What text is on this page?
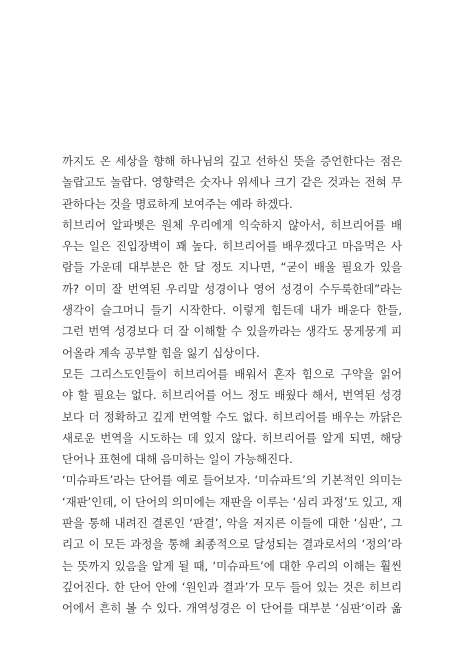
까지도 온 세상을 향해 하나님의 깊고 선하신 뜻을 증언한다는 점은
놀랍고도 놀랍다. 영향력은 숫자나 위세나 크기 같은 것과는 전혀 무
관하다는 것을 명료하게 보여주는 예라 하겠다.
히브리어 알파벳은 원체 우리에게 익숙하지 않아서, 히브리어를 배
우는 일은 진입장벽이 꽤 높다. 히브리어를 배우겠다고 마음먹은 사
람들 가운데 대부분은 한 달 정도 지나면, “굳이 배울 필요가 있을
까? 이미 잘 번역된 우리말 성경이나 영어 성경이 수두룩한데”라는
생각이 슬그머니 들기 시작한다. 이렇게 힘든데 내가 배운다 한들,
그런 번역 성경보다 더 잘 이해할 수 있을까라는 생각도 뭉게뭉게 피
어올라 계속 공부할 힘을 잃기 십상이다.
모든 그리스도인들이 히브리어를 배워서 혼자 힘으로 구약을 읽어
야 할 필요는 없다. 히브리어를 어느 정도 배웠다 해서, 번역된 성경
보다 더 정확하고 깊게 번역할 수도 없다. 히브리어를 배우는 까닭은
새로운 번역을 시도하는 데 있지 않다. 히브리어를 알게 되면, 해당
단어나 표현에 대해 음미하는 일이 가능해진다.
‘미슈파트’라는 단어를 예로 들어보자. ‘미슈파트’의 기본적인 의미는
‘재판’인데, 이 단어의 의미에는 재판을 이루는 ‘심리 과정’도 있고, 재
판을 통해 내려진 결론인 ‘판결’, 악을 저지른 이들에 대한 ‘심판’, 그
리고 이 모든 과정을 통해 최종적으로 달성되는 결과로서의 ‘정의’라
는 뜻까지 있음을 알게 될 때, ‘미슈파트’에 대한 우리의 이해는 훨씬
깊어진다. 한 단어 안에 ‘원인과 결과’가 모두 들어 있는 것은 히브리
어에서 흔히 볼 수 있다. 개역성경은 이 단어를 대부분 ‘심판’이라 옮
